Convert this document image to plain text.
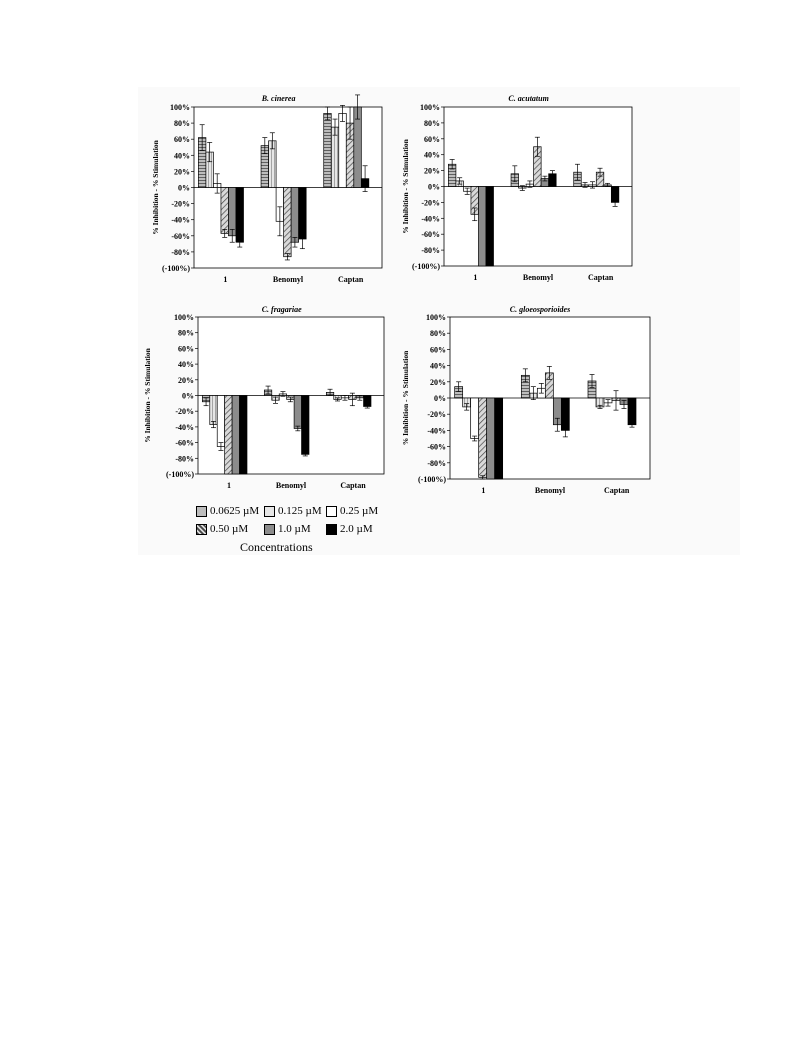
B. cinerea
% Inhibition - % Stimulation
100%
80%
60%
40%
20%
0%
-20%
-40%
-60%
-80%
(-100%)
1	Benomyl	Captan
C. acutatum
% Inhibition - % Stimulation
100%
80%
60%
40%
20%
0%
-20%
-40%
-60%
-80%
(-100%)
1	Benomyl	Captan
C. fragariae
% Inhibition - % Stimulation
100%
80%
60%
40%
20%
0%
-20%
-40%
-60%
-80%
(-100%)
1	Benomyl	Captan
C. gloeosporioides
% Inhibition - % Stimulation
100%
80%
60%
40%
20%
0%
-20%
-40%
-60%
-80%
(-100%)
1	Benomyl	Captan
0.0625 µM 0.125 µM 0.25 µM
0.50 µM	1.0 µM	2.0 µM
Concentrations
